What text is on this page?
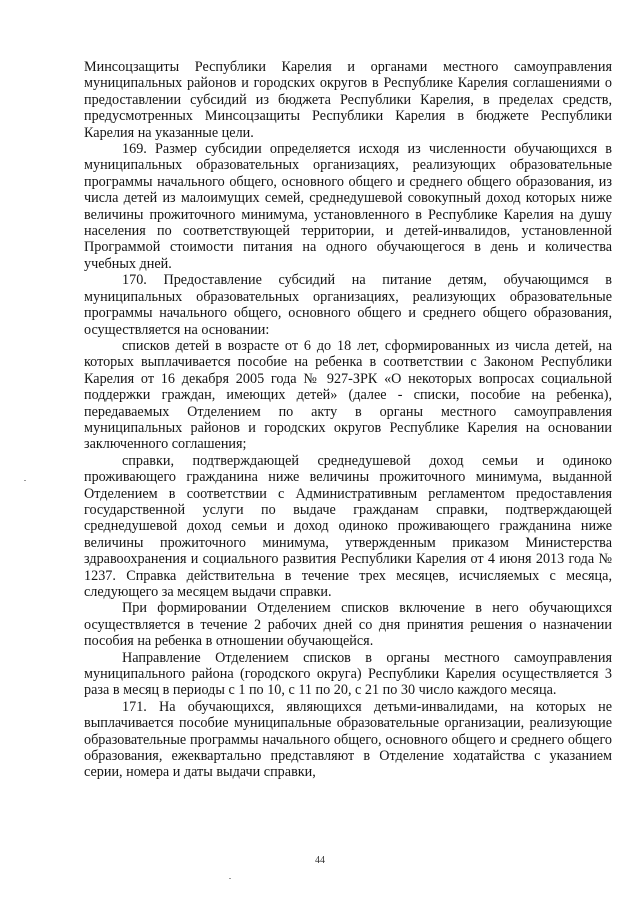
Минсоцзащиты Республики Карелия и органами местного самоуправления муниципальных районов и городских округов в Республике Карелия соглашениями о предоставлении субсидий из бюджета Республики Карелия, в пределах средств, предусмотренных Минсоцзащиты Республики Карелия в бюджете Республики Карелия на указанные цели.

169. Размер субсидии определяется исходя из численности обучающихся в муниципальных образовательных организациях, реализующих образовательные программы начального общего, основного общего и среднего общего образования, из числа детей из малоимущих семей, среднедушевой совокупный доход которых ниже величины прожиточного минимума, установленного в Республике Карелия на душу населения по соответствующей территории, и детей-инвалидов, установленной Программой стоимости питания на одного обучающегося в день и количества учебных дней.

170. Предоставление субсидий на питание детям, обучающимся в муниципальных образовательных организациях, реализующих образовательные программы начального общего, основного общего и среднего общего образования, осуществляется на основании:

списков детей в возрасте от 6 до 18 лет, сформированных из числа детей, на которых выплачивается пособие на ребенка в соответствии с Законом Республики Карелия от 16 декабря 2005 года № 927-ЗРК «О некоторых вопросах социальной поддержки граждан, имеющих детей» (далее - списки, пособие на ребенка), передаваемых Отделением по акту в органы местного самоуправления муниципальных районов и городских округов Республике Карелия на основании заключенного соглашения;

справки, подтверждающей среднедушевой доход семьи и одиноко проживающего гражданина ниже величины прожиточного минимума, выданной Отделением в соответствии с Административным регламентом предоставления государственной услуги по выдаче гражданам справки, подтверждающей среднедушевой доход семьи и доход одиноко проживающего гражданина ниже величины прожиточного минимума, утвержденным приказом Министерства здравоохранения и социального развития Республики Карелия от 4 июня 2013 года № 1237. Справка действительна в течение трех месяцев, исчисляемых с месяца, следующего за месяцем выдачи справки.

При формировании Отделением списков включение в него обучающихся осуществляется в течение 2 рабочих дней со дня принятия решения о назначении пособия на ребенка в отношении обучающейся.

Направление Отделением списков в органы местного самоуправления муниципального района (городского округа) Республики Карелия осуществляется 3 раза в месяц в периоды с 1 по 10, с 11 по 20, с 21 по 30 число каждого месяца.

171. На обучающихся, являющихся детьми-инвалидами, на которых не выплачивается пособие муниципальные образовательные организации, реализующие образовательные программы начального общего, основного общего и среднего общего образования, ежеквартально представляют в Отделение ходатайства с указанием серии, номера и даты выдачи справки,

44
